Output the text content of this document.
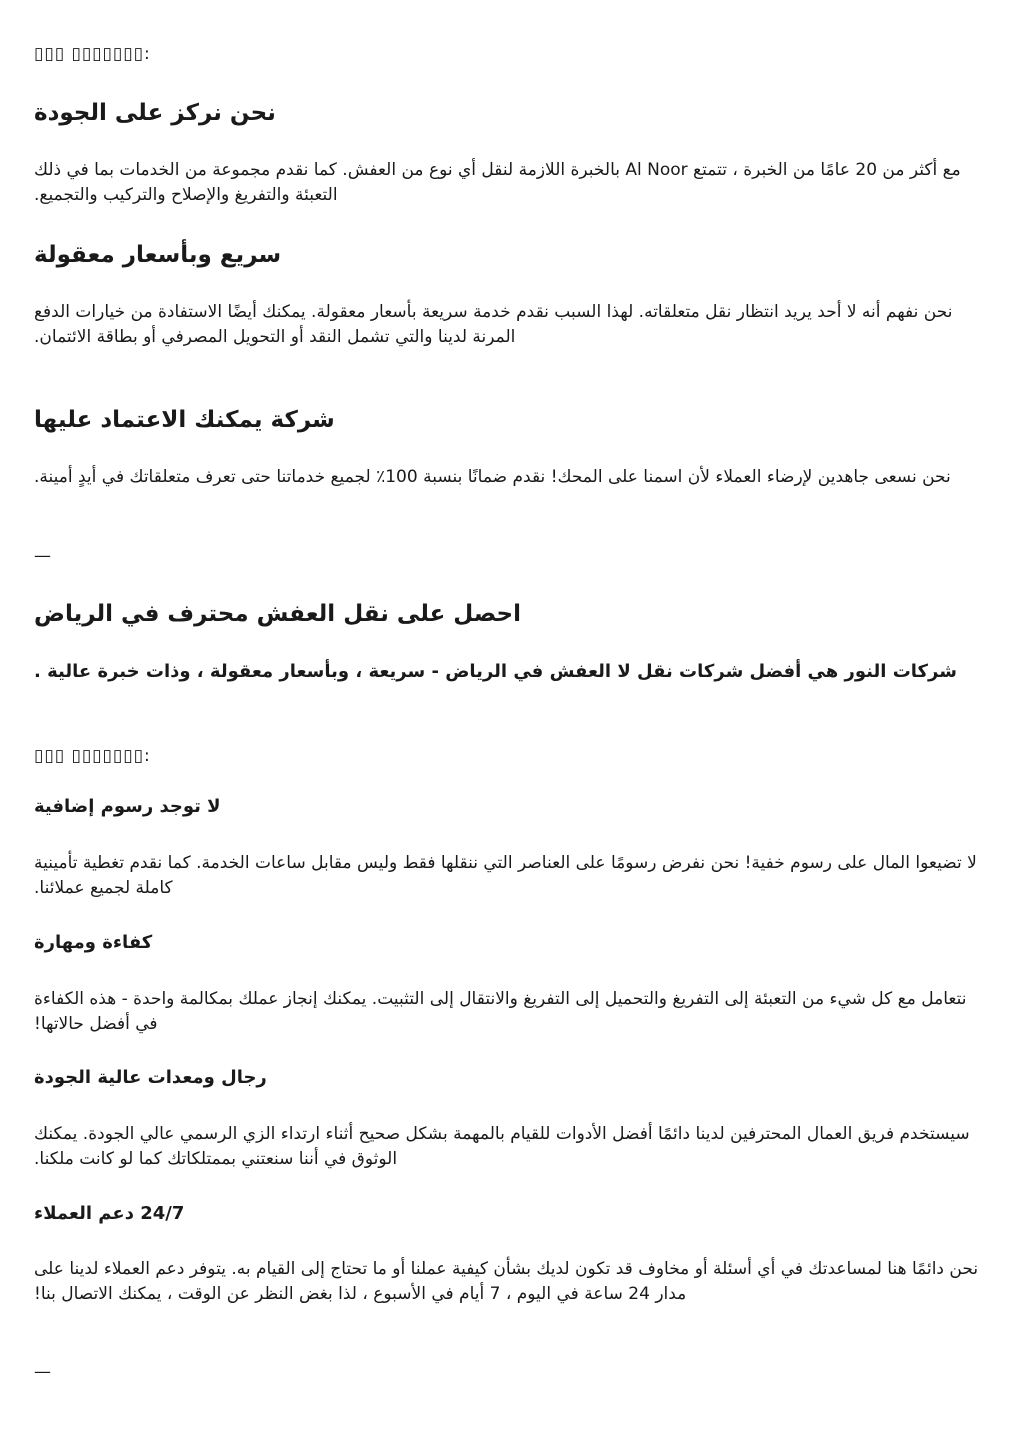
▯▯▯ ▯▯▯▯▯▯▯:

نحن نركز على الجودة

مع أكثر من 20 عامًا من الخبرة ، تتمتع Al Noor بالخبرة اللازمة لنقل أي نوع من العفش. كما نقدم مجموعة من الخدمات بما في ذلك التعبئة والتفريغ والإصلاح والتركيب والتجميع.

سريع وبأسعار معقولة

نحن نفهم أنه لا أحد يريد انتظار نقل متعلقاته. لهذا السبب نقدم خدمة سريعة بأسعار معقولة. يمكنك أيضًا الاستفادة من خيارات الدفع المرنة لدينا والتي تشمل النقد أو التحويل المصرفي أو بطاقة الائتمان.

شركة يمكنك الاعتماد عليها

نحن نسعى جاهدين لإرضاء العملاء لأن اسمنا على المحك! نقدم ضمانًا بنسبة 100٪ لجميع خدماتنا حتى تعرف متعلقاتك في أيدٍ أمينة.

—

احصل على نقل العفش محترف في الرياض

شركات النور هي أفضل شركات نقل لا العفش في الرياض - سريعة ، وبأسعار معقولة ، وذات خبرة عالية .

▯▯▯ ▯▯▯▯▯▯▯:

لا توجد رسوم إضافية

لا تضيعوا المال على رسوم خفية! نحن نفرض رسومًا على العناصر التي ننقلها فقط وليس مقابل ساعات الخدمة. كما نقدم تغطية تأمينية كاملة لجميع عملائنا.

كفاءة ومهارة

نتعامل مع كل شيء من التعبئة إلى التفريغ والتحميل إلى التفريغ والانتقال إلى التثبيت. يمكنك إنجاز عملك بمكالمة واحدة - هذه الكفاءة في أفضل حالاتها!

رجال ومعدات عالية الجودة

سيستخدم فريق العمال المحترفين لدينا دائمًا أفضل الأدوات للقيام بالمهمة بشكل صحيح أثناء ارتداء الزي الرسمي عالي الجودة. يمكنك الوثوق في أننا سنعتني بممتلكاتك كما لو كانت ملكنا.

24/7 دعم العملاء

نحن دائمًا هنا لمساعدتك في أي أسئلة أو مخاوف قد تكون لديك بشأن كيفية عملنا أو ما تحتاج إلى القيام به. يتوفر دعم العملاء لدينا على مدار 24 ساعة في اليوم ، 7 أيام في الأسبوع ، لذا بغض النظر عن الوقت ، يمكنك الاتصال بنا!

—
